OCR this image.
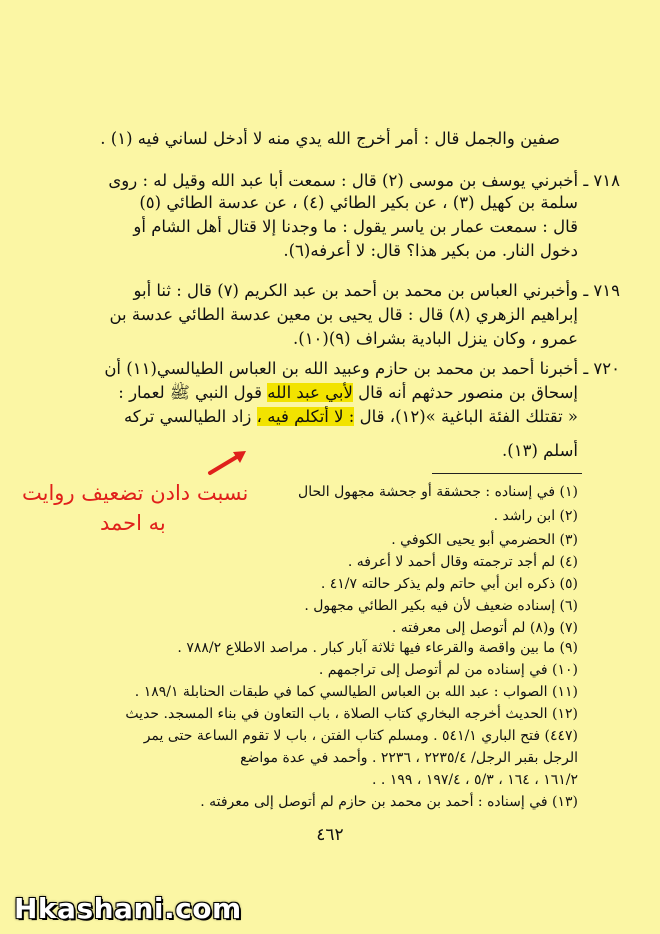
صفين والجمل قال : أمر أخرج الله يدي منه لا أدخل لساني فيه (١) .
٧١٨ ـ أخبرني يوسف بن موسى (٢) قال : سمعت أبا عبد الله وقيل له : روى
سلمة بن كهيل (٣) ، عن بكير الطائي (٤) ، عن عدسة الطائي (٥)
قال : سمعت عمار بن ياسر يقول : ما وجدنا إلا قتال أهل الشام أو
دخول النار. من بكير هذا؟ قال: لا أعرفه(٦).
٧١٩ ـ وأخبرني العباس بن محمد بن أحمد بن عبد الكريم (٧) قال : ثنا أبو
إبراهيم الزهري (٨) قال : قال يحيى بن معين عدسة الطائي عدسة بن
عمرو ، وكان ينزل البادية بشراف (٩)(١٠).
٧٢٠ ـ أخبرنا أحمد بن محمد بن حازم وعبيد الله بن العباس الطيالسي(١١) أن
إسحاق بن منصور حدثهم أنه قال لأبي عبد الله قول النبي ﷺ لعمار :
« تقتلك الفئة الباغية »(١٢)، قال : لا أتكلم فيه ، زاد الطيالسي تركه
أسلم (١٣).
نسبت دادن تضعيف روايت
به احمد
(١) في إسناده : جحشقة أو جحشة مجهول الحال
(٢) ابن راشد .
(٣) الحضرمي أبو يحيى الكوفي .
(٤) لم أجد ترجمته وقال أحمد لا أعرفه .
(٥) ذكره ابن أبي حاتم ولم يذكر حالته ٤١/٧ .
(٦) إسناده ضعيف لأن فيه بكير الطائي مجهول .
(٧) و(٨) لم أتوصل إلى معرفته .
(٩) ما بين واقصة والقرعاء فيها ثلاثة آبار كبار . مراصد الاطلاع ٧٨٨/٢ .
(١٠) في إسناده من لم أتوصل إلى تراجمهم .
(١١) الصواب : عبد الله بن العباس الطيالسي كما في طبقات الحنابلة ١٨٩/١ .
(١٢) الحديث أخرجه البخاري كتاب الصلاة ، باب التعاون في بناء المسجد. حديث
(٤٤٧) فتح الباري ٥٤١/١ . ومسلم كتاب الفتن ، باب لا تقوم الساعة حتى يمر
الرجل بقبر الرجل/ ٢٢٣٥/٤ ، ٢٢٣٦ . وأحمد في عدة مواضع
١٦١/٢ ، ١٦٤ ، ٥/٣ ، ١٩٧/٤ ، ١٩٩ . .
(١٣) في إسناده : أحمد بن محمد بن حازم لم أتوصل إلى معرفته .
٤٦٢
Hkashani.com
